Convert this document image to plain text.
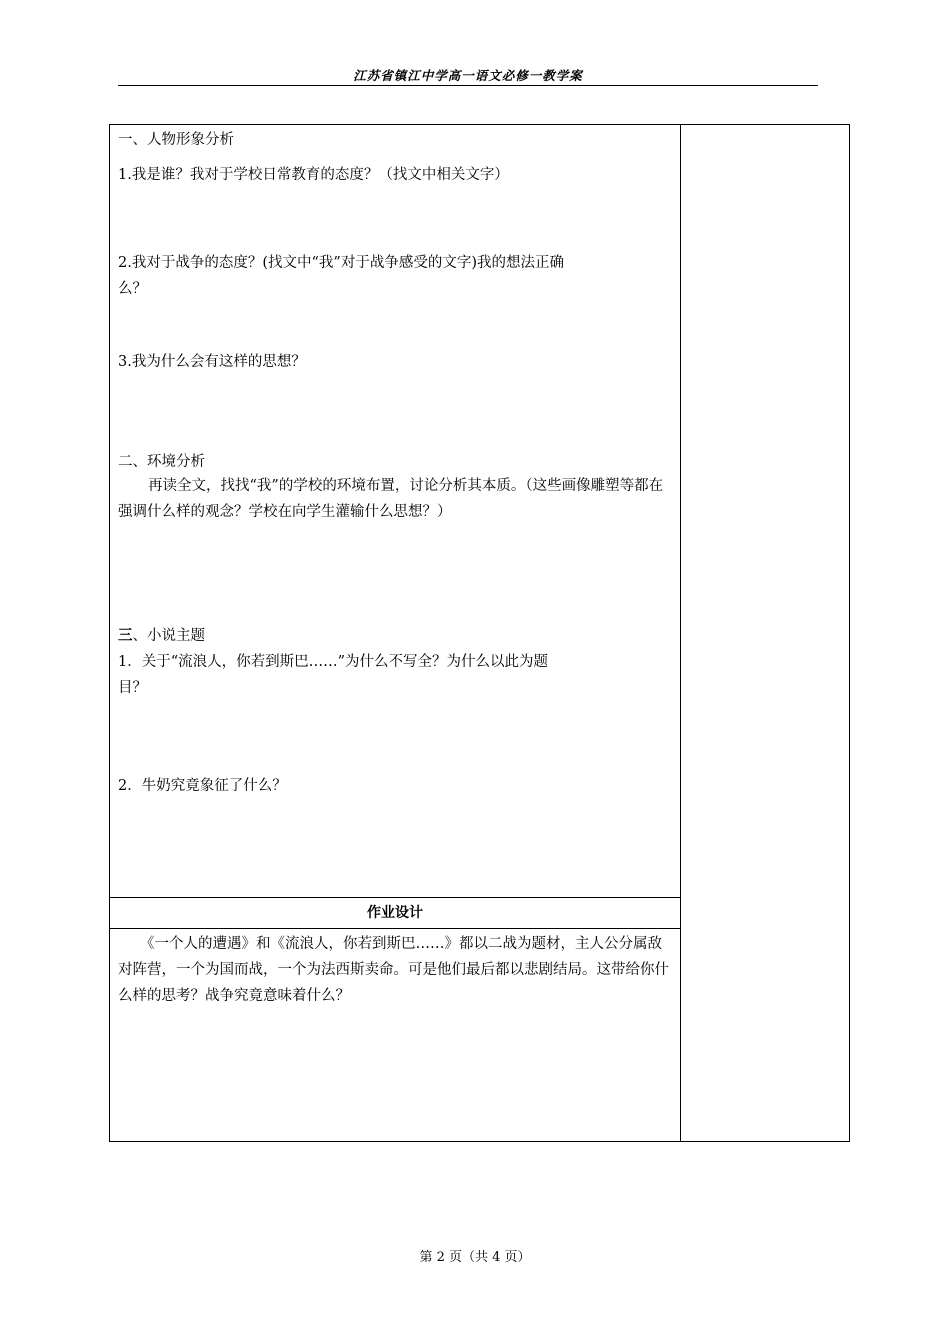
江苏省镇江中学高一语文必修一教学案
一、人物形象分析
1.我是谁？我对于学校日常教育的态度？（找文中相关文字）
2.我对于战争的态度？(找文中“我”对于战争感受的文字)我的想法正确
么？
3.我为什么会有这样的思想？
二、环境分析
再读全文，找找“我”的学校的环境布置，讨论分析其本质。（这些画像雕塑等都在强调什么样的观念？学校在向学生灌输什么思想？）
三、小说主题
1．关于“流浪人，你若到斯巴……”为什么不写全？为什么以此为题
目？
2．牛奶究竟象征了什么？
作业设计
《一个人的遭遇》和《流浪人，你若到斯巴……》都以二战为题材，主人公分属敌对阵营，一个为国而战，一个为法西斯卖命。可是他们最后都以悲剧结局。这带给你什么样的思考？战争究竟意味着什么？
第 2 页（共 4 页）
